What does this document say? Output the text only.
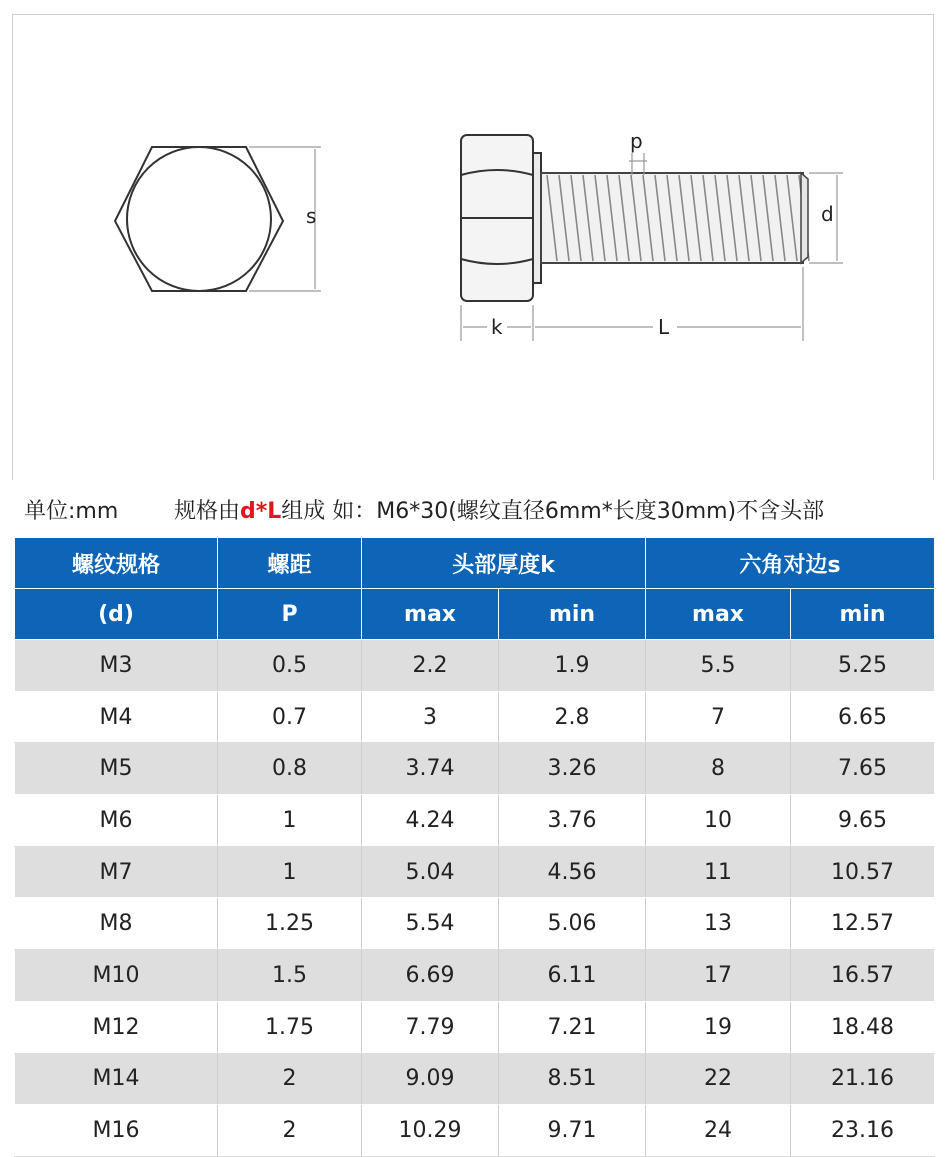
s
p
d
k	L
单位:mm	规格由d*L组成 如：M6*30(螺纹直径6mm*长度30mm)不含头部
螺纹规格	螺距	头部厚度k		六角对边s	
(d)	P	max	min	max	min
M3	0.5	2.2	1.9	5.5	5.25
M4	0.7	3	2.8	7	6.65
M5	0.8	3.74	3.26	8	7.65
M6	1	4.24	3.76	10	9.65
M7	1	5.04	4.56	11	10.57
M8	1.25	5.54	5.06	13	12.57
M10	1.5	6.69	6.11	17	16.57
M12	1.75	7.79	7.21	19	18.48
M14	2	9.09	8.51	22	21.16
M16	2	10.29	9.71	24	23.16
